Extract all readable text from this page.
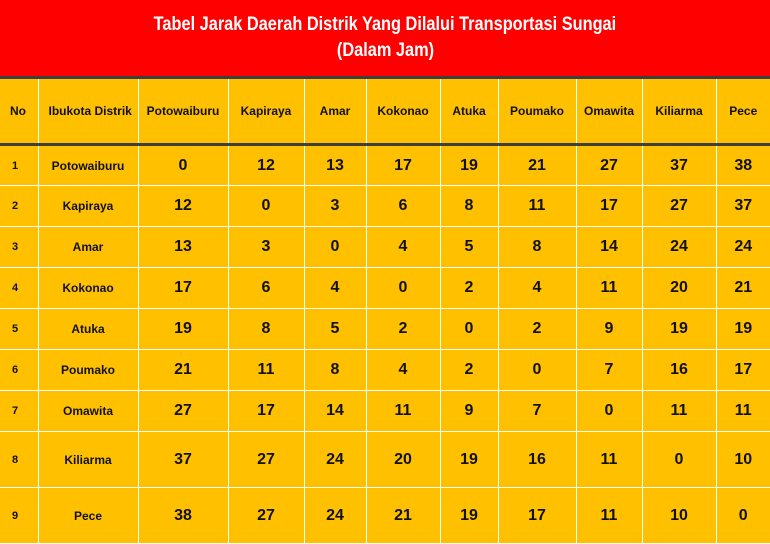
Tabel Jarak Daerah Distrik Yang Dilalui Transportasi Sungai
(Dalam Jam)
No	Ibukota Distrik	Potowaiburu	Kapiraya	Amar	Kokonao	Atuka	Poumako	Omawita	Kiliarma	Pece
1	Potowaiburu	0	12	13	17	19	21	27	37	38
2	Kapiraya	12	0	3	6	8	11	17	27	37
3	Amar	13	3	0	4	5	8	14	24	24
4	Kokonao	17	6	4	0	2	4	11	20	21
5	Atuka	19	8	5	2	0	2	9	19	19
6	Poumako	21	11	8	4	2	0	7	16	17
7	Omawita	27	17	14	11	9	7	0	11	11
8	Kiliarma	37	27	24	20	19	16	11	0	10
9	Pece	38	27	24	21	19	17	11	10	0
